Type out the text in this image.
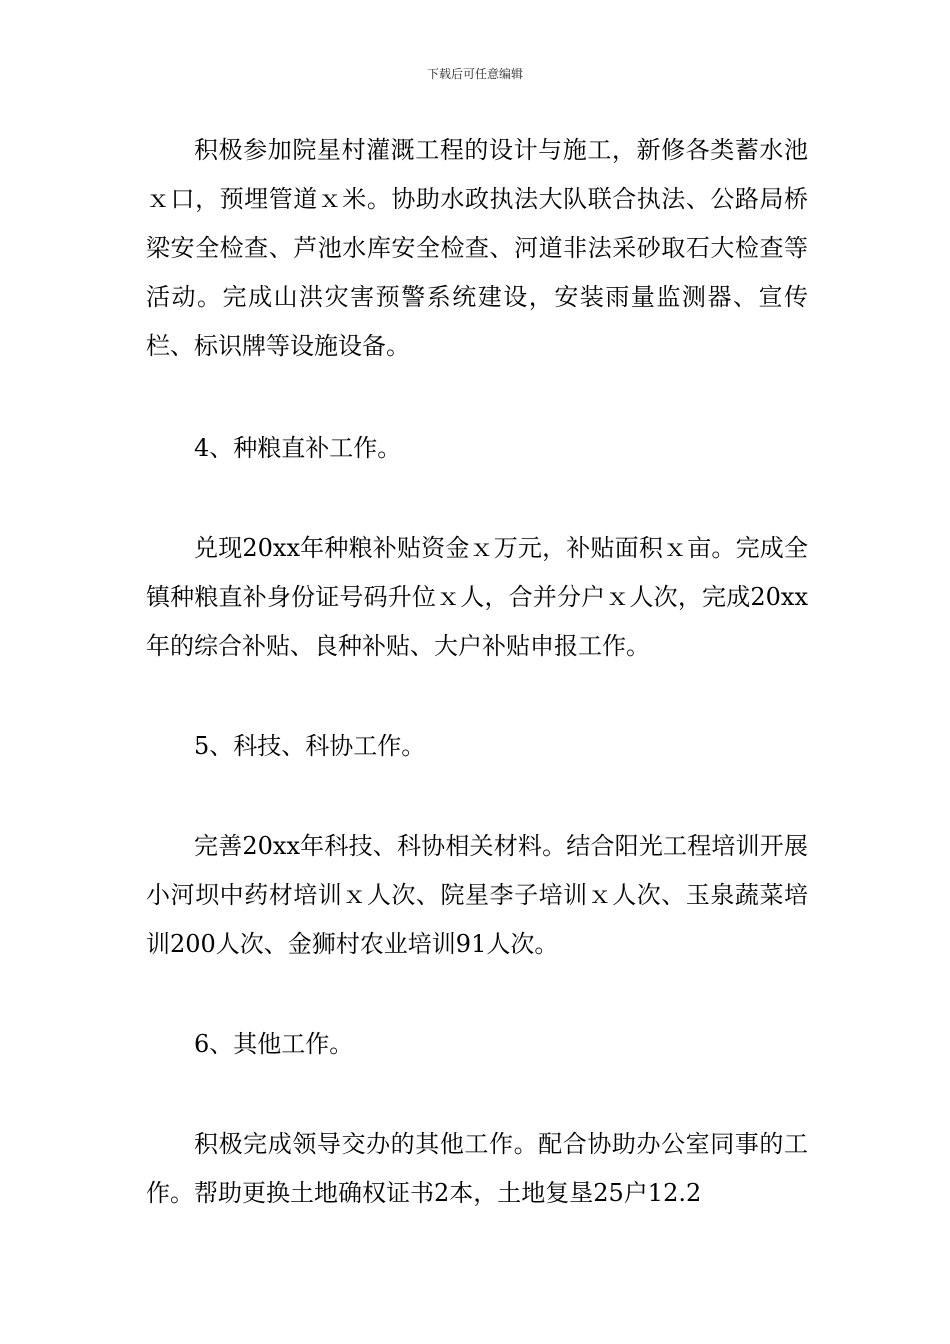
下载后可任意编辑

积极参加院星村灌溉工程的设计与施工，新修各类蓄水池ｘ口，预埋管道ｘ米。协助水政执法大队联合执法、公路局桥梁安全检查、芦池水库安全检查、河道非法采砂取石大检查等活动。完成山洪灾害预警系统建设，安装雨量监测器、宣传栏、标识牌等设施设备。

4、种粮直补工作。

兑现20xx年种粮补贴资金ｘ万元，补贴面积ｘ亩。完成全镇种粮直补身份证号码升位ｘ人，合并分户ｘ人次，完成20xx年的综合补贴、良种补贴、大户补贴申报工作。

5、科技、科协工作。

完善20xx年科技、科协相关材料。结合阳光工程培训开展小河坝中药材培训ｘ人次、院星李子培训ｘ人次、玉泉蔬菜培训200人次、金狮村农业培训91人次。

6、其他工作。

积极完成领导交办的其他工作。配合协助办公室同事的工作。帮助更换土地确权证书2本，土地复垦25户12.2
